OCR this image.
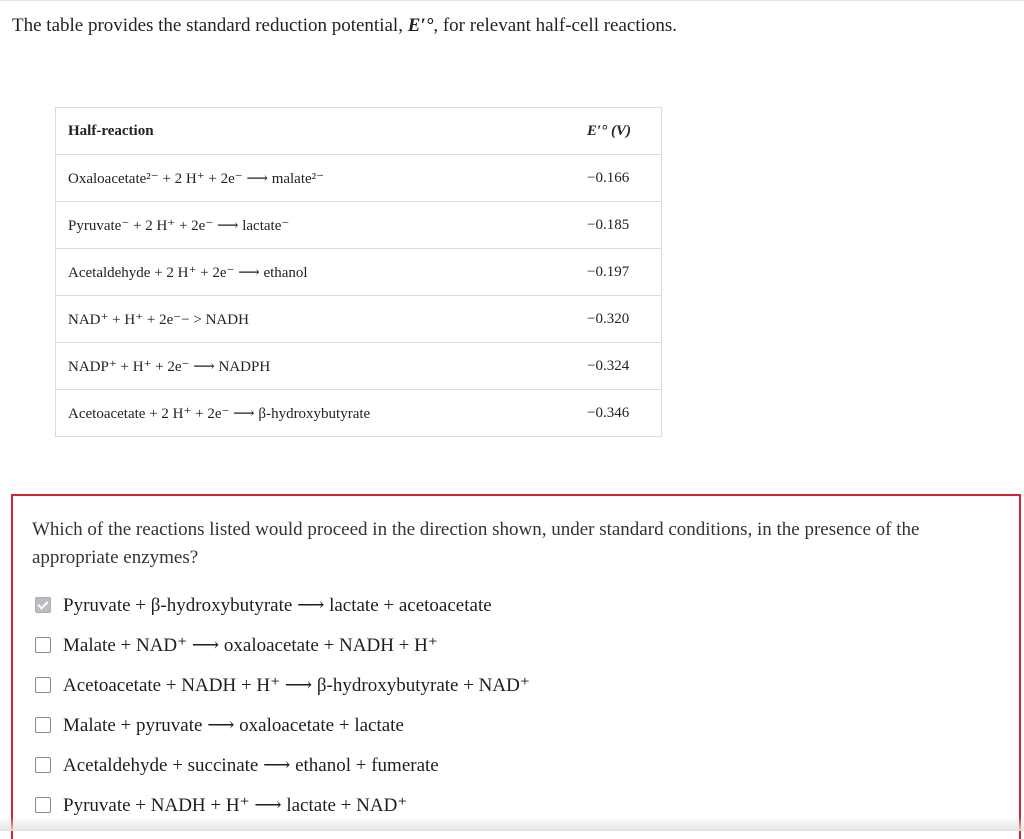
The table provides the standard reduction potential, E′°, for relevant half-cell reactions.
Half-reaction	E′° (V)
Oxaloacetate²⁻ + 2 H⁺ + 2e⁻ ⟶ malate²⁻	−0.166
Pyruvate⁻ + 2 H⁺ + 2e⁻ ⟶ lactate⁻	−0.185
Acetaldehyde + 2 H⁺ + 2e⁻ ⟶ ethanol	−0.197
NAD⁺ + H⁺ + 2e⁻− > NADH	−0.320
NADP⁺ + H⁺ + 2e⁻ ⟶ NADPH	−0.324
Acetoacetate + 2 H⁺ + 2e⁻ ⟶ β-hydroxybutyrate	−0.346
Which of the reactions listed would proceed in the direction shown, under standard conditions, in the presence of the appropriate enzymes?
Pyruvate + β-hydroxybutyrate ⟶ lactate + acetoacetate
Malate + NAD⁺ ⟶ oxaloacetate + NADH + H⁺
Acetoacetate + NADH + H⁺ ⟶ β-hydroxybutyrate + NAD⁺
Malate + pyruvate ⟶ oxaloacetate + lactate
Acetaldehyde + succinate ⟶ ethanol + fumerate
Pyruvate + NADH + H⁺ ⟶ lactate + NAD⁺
